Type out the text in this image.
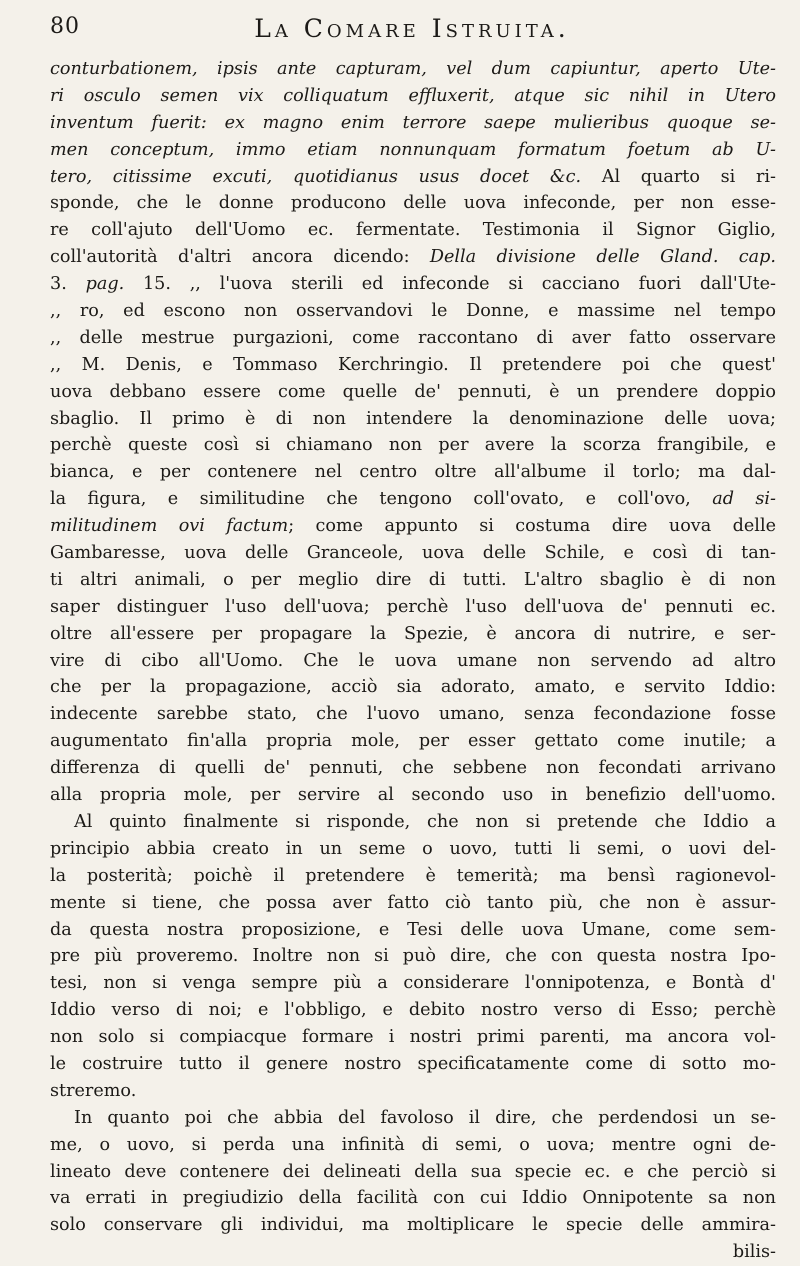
80	La Comare Istruita.
conturbationem, ipsis ante capturam, vel dum capiuntur, aperto Ute-
ri osculo semen vix colliquatum effluxerit, atque sic nihil in Utero
inventum fuerit: ex magno enim terrore saepe mulieribus quoque se-
men conceptum, immo etiam nonnunquam formatum foetum ab U-
tero, citissime excuti, quotidianus usus docet &c. Al quarto si ri-
sponde, che le donne producono delle uova infeconde, per non esse-
re coll'ajuto dell'Uomo ec. fermentate. Testimonia il Signor Giglio,
coll'autorità d'altri ancora dicendo: Della divisione delle Gland. cap.
3. pag. 15. ,, l'uova sterili ed infeconde si cacciano fuori dall'Ute-
,, ro, ed escono non osservandovi le Donne, e massime nel tempo
,, delle mestrue purgazioni, come raccontano di aver fatto osservare
,, M. Denis, e Tommaso Kerchringio. Il pretendere poi che quest'
uova debbano essere come quelle de' pennuti, è un prendere doppio
sbaglio. Il primo è di non intendere la denominazione delle uova;
perchè queste così si chiamano non per avere la scorza frangibile, e
bianca, e per contenere nel centro oltre all'albume il torlo; ma dal-
la figura, e similitudine che tengono coll'ovato, e coll'ovo, ad si-
militudinem ovi factum; come appunto si costuma dire uova delle
Gambaresse, uova delle Granceole, uova delle Schile, e così di tan-
ti altri animali, o per meglio dire di tutti. L'altro sbaglio è di non
saper distinguer l'uso dell'uova; perchè l'uso dell'uova de' pennuti ec.
oltre all'essere per propagare la Spezie, è ancora di nutrire, e ser-
vire di cibo all'Uomo. Che le uova umane non servendo ad altro
che per la propagazione, acciò sia adorato, amato, e servito Iddio:
indecente sarebbe stato, che l'uovo umano, senza fecondazione fosse
augumentato fin'alla propria mole, per esser gettato come inutile; a
differenza di quelli de' pennuti, che sebbene non fecondati arrivano
alla propria mole, per servire al secondo uso in benefizio dell'uomo.
Al quinto finalmente si risponde, che non si pretende che Iddio a
principio abbia creato in un seme o uovo, tutti li semi, o uovi del-
la posterità; poichè il pretendere è temerità; ma bensì ragionevol-
mente si tiene, che possa aver fatto ciò tanto più, che non è assur-
da questa nostra proposizione, e Tesi delle uova Umane, come sem-
pre più proveremo. Inoltre non si può dire, che con questa nostra Ipo-
tesi, non si venga sempre più a considerare l'onnipotenza, e Bontà d'
Iddio verso di noi; e l'obbligo, e debito nostro verso di Esso; perchè
non solo si compiacque formare i nostri primi parenti, ma ancora vol-
le costruire tutto il genere nostro specificatamente come di sotto mo-
streremo.
In quanto poi che abbia del favoloso il dire, che perdendosi un se-
me, o uovo, si perda una infinità di semi, o uova; mentre ogni de-
lineato deve contenere dei delineati della sua specie ec. e che perciò si
va errati in pregiudizio della facilità con cui Iddio Onnipotente sa non
solo conservare gli individui, ma moltiplicare le specie delle ammira-
bilis-
